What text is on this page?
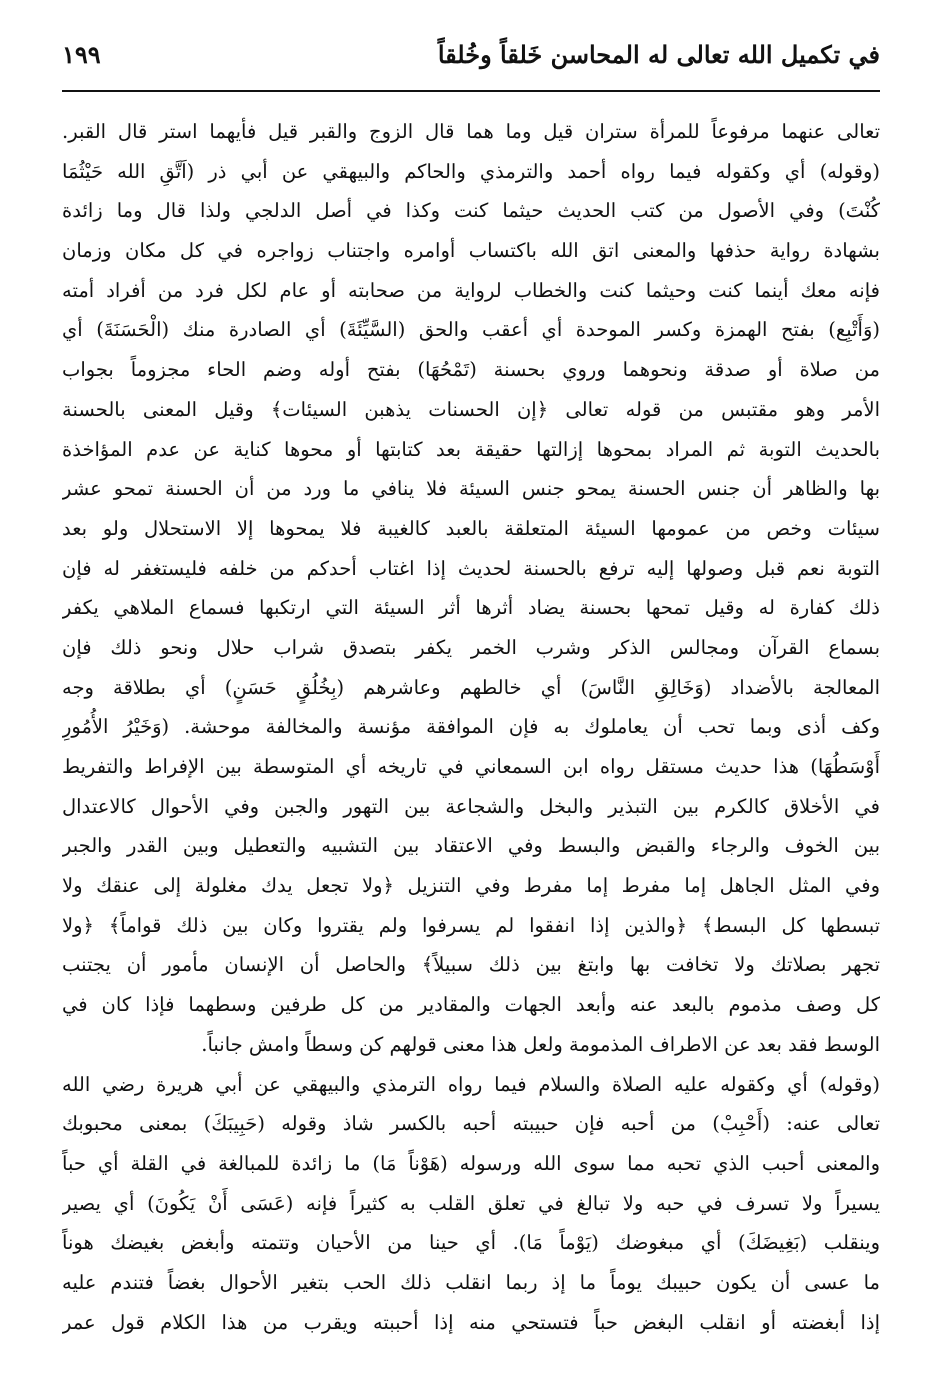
في تكميل الله تعالى له المحاسن خَلقاً وخُلقاً
١٩٩
تعالى عنهما مرفوعاً للمرأة ستران قيل وما هما قال الزوج والقبر قيل فأيهما استر قال القبر.
(وقوله) أي وكقوله فيما رواه أحمد والترمذي والحاكم والبيهقي عن أبي ذر (اَتَّقِ الله حَيْثُمَا
كُنْتَ) وفي الأصول من كتب الحديث حيثما كنت وكذا في أصل الدلجي ولذا قال وما زائدة
بشهادة رواية حذفها والمعنى اتق الله باكتساب أوامره واجتناب زواجره في كل مكان وزمان
فإنه معك أينما كنت وحيثما كنت والخطاب لرواية من صحابته أو عام لكل فرد من أفراد أمته
(وَأَتْبِع) بفتح الهمزة وكسر الموحدة أي أعقب والحق (السَّيِّئَةَ) أي الصادرة منك (الْحَسَنَةَ) أي
من صلاة أو صدقة ونحوهما وروي بحسنة (تَمْحُهَا) بفتح أوله وضم الحاء مجزوماً بجواب
الأمر وهو مقتبس من قوله تعالى ﴿إن الحسنات يذهبن السيئات﴾ وقيل المعنى بالحسنة
بالحديث التوبة ثم المراد بمحوها إزالتها حقيقة بعد كتابتها أو محوها كناية عن عدم المؤاخذة
بها والظاهر أن جنس الحسنة يمحو جنس السيئة فلا ينافي ما ورد من أن الحسنة تمحو عشر
سيئات وخص من عمومها السيئة المتعلقة بالعبد كالغيبة فلا يمحوها إلا الاستحلال ولو بعد
التوبة نعم قبل وصولها إليه ترفع بالحسنة لحديث إذا اغتاب أحدكم من خلفه فليستغفر له فإن
ذلك كفارة له وقيل تمحها بحسنة يضاد أثرها أثر السيئة التي ارتكبها فسماع الملاهي يكفر
بسماع القرآن ومجالس الذكر وشرب الخمر يكفر بتصدق شراب حلال ونحو ذلك فإن
المعالجة بالأضداد (وَخَالِقِ النَّاسَ) أي خالطهم وعاشرهم (بِخُلُقٍ حَسَنٍ) أي بطلاقة وجه
وكف أذى وبما تحب أن يعاملوك به فإن الموافقة مؤنسة والمخالفة موحشة. (وَخَيْرُ الأُمُورِ
أَوْسَطُهَا) هذا حديث مستقل رواه ابن السمعاني في تاريخه أي المتوسطة بين الإفراط والتفريط
في الأخلاق كالكرم بين التبذير والبخل والشجاعة بين التهور والجبن وفي الأحوال كالاعتدال
بين الخوف والرجاء والقبض والبسط وفي الاعتقاد بين التشبيه والتعطيل وبين القدر والجبر
وفي المثل الجاهل إما مفرط إما مفرط وفي التنزيل ﴿ولا تجعل يدك مغلولة إلى عنقك ولا
تبسطها كل البسط﴾ ﴿والذين إذا انفقوا لم يسرفوا ولم يقتروا وكان بين ذلك قواماً﴾ ﴿ولا
تجهر بصلاتك ولا تخافت بها وابتغ بين ذلك سبيلاً﴾ والحاصل أن الإنسان مأمور أن يجتنب
كل وصف مذموم بالبعد عنه وأبعد الجهات والمقادير من كل طرفين وسطهما فإذا كان في
الوسط فقد بعد عن الاطراف المذمومة ولعل هذا معنى قولهم كن وسطاً وامش جانباً.
(وقوله) أي وكقوله عليه الصلاة والسلام فيما رواه الترمذي والبيهقي عن أبي هريرة رضي الله
تعالى عنه: (أَحْبِبْ) من أحبه فإن حبيبته أحبه بالكسر شاذ وقوله (حَبِيبَكَ) بمعنى محبوبك
والمعنى أحبب الذي تحبه مما سوى الله ورسوله (هَوْناً مَا) ما زائدة للمبالغة في القلة أي حباً
يسيراً ولا تسرف في حبه ولا تبالغ في تعلق القلب به كثيراً فإنه (عَسَى أَنْ يَكُونَ) أي يصير
وينقلب (بَغِيضَكَ) أي مبغوضك (يَوْماً مَا). أي حينا من الأحيان وتتمته وأبغض بغيضك هوناً
ما عسى أن يكون حبيبك يوماً ما إذ ربما انقلب ذلك الحب بتغير الأحوال بغضاً فتندم عليه
إذا أبغضته أو انقلب البغض حباً فتستحي منه إذا أحببته ويقرب من هذا الكلام قول عمر
